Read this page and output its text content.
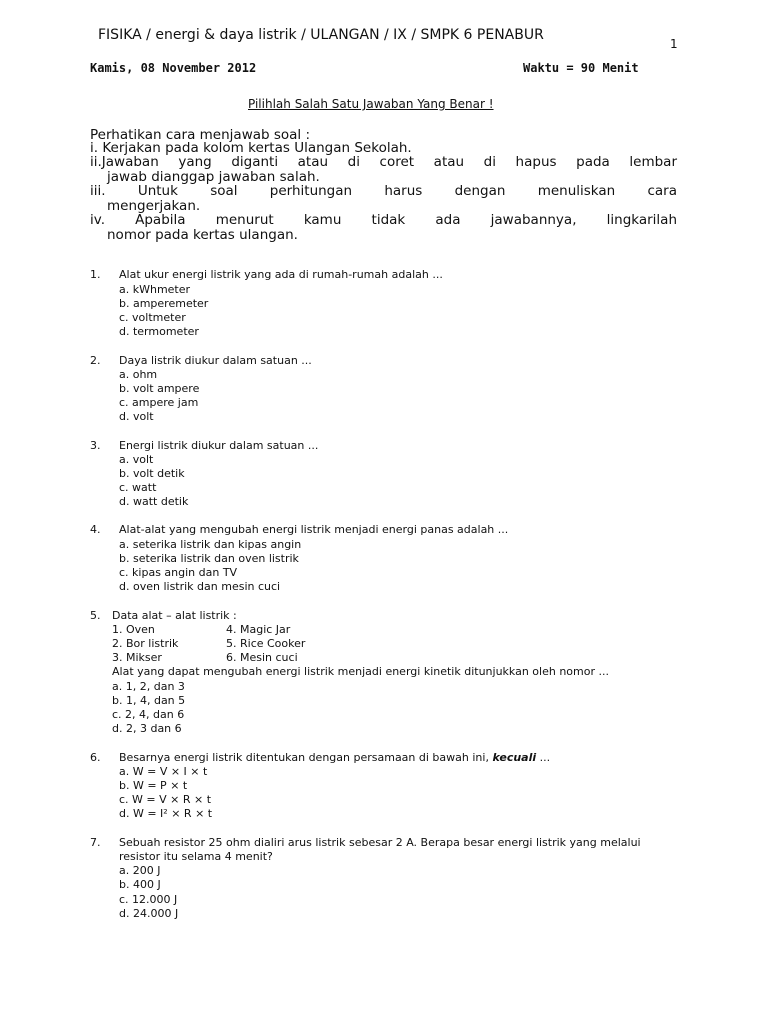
FISIKA / energi & daya listrik / ULANGAN / IX / SMPK 6 PENABUR
1
Kamis, 08 November 2012	Waktu = 90 Menit
Pilihlah Salah Satu Jawaban Yang Benar !
Perhatikan cara menjawab soal :
i. Kerjakan pada kolom kertas Ulangan Sekolah.
ii.Jawaban yang diganti atau di coret atau di hapus pada lembar
jawab dianggap jawaban salah.
iii. Untuk soal perhitungan harus dengan menuliskan cara
mengerjakan.
iv. Apabila menurut kamu tidak ada jawabannya, lingkarilah
nomor pada kertas ulangan.
1. Alat ukur energi listrik yang ada di rumah-rumah adalah ...
a. kWhmeter
b. amperemeter
c. voltmeter
d. termometer
2. Daya listrik diukur dalam satuan ...
a. ohm
b. volt ampere
c. ampere jam
d. volt
3. Energi listrik diukur dalam satuan ...
a. volt
b. volt detik
c. watt
d. watt detik
4. Alat-alat yang mengubah energi listrik menjadi energi panas adalah ...
a. seterika listrik dan kipas angin
b. seterika listrik dan oven listrik
c. kipas angin dan TV
d. oven listrik dan mesin cuci
5. Data alat – alat listrik :
1. Oven	4. Magic Jar
2. Bor listrik	5. Rice Cooker
3. Mikser	6. Mesin cuci
Alat yang dapat mengubah energi listrik menjadi energi kinetik ditunjukkan oleh nomor ...
a. 1, 2, dan 3
b. 1, 4, dan 5
c. 2, 4, dan 6
d. 2, 3 dan 6
6. Besarnya energi listrik ditentukan dengan persamaan di bawah ini, kecuali ...
a. W = V × I × t
b. W = P × t
c. W = V × R × t
d. W = I² × R × t
7. Sebuah resistor 25 ohm dialiri arus listrik sebesar 2 A. Berapa besar energi listrik yang melalui
resistor itu selama 4 menit?
a. 200 J
b. 400 J
c. 12.000 J
d. 24.000 J
